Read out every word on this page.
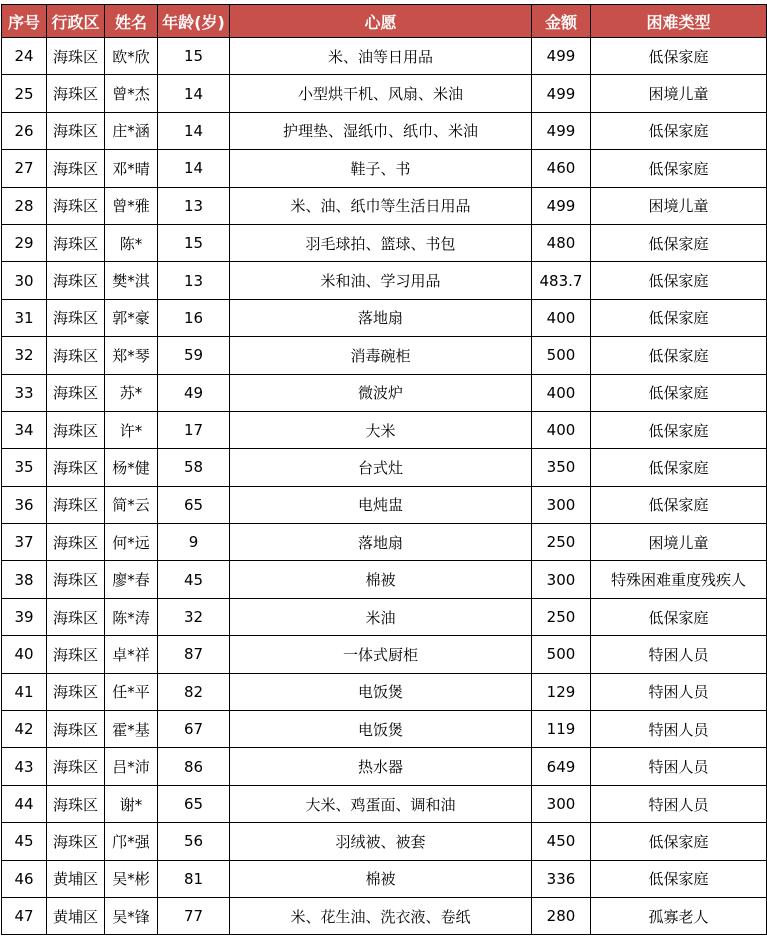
序号	行政区	姓名	年龄(岁)	心愿	金额	困难类型
24	海珠区	欧*欣	15	米、油等日用品	499	低保家庭
25	海珠区	曾*杰	14	小型烘干机、风扇、米油	499	困境儿童
26	海珠区	庄*涵	14	护理垫、湿纸巾、纸巾、米油	499	低保家庭
27	海珠区	邓*晴	14	鞋子、书	460	低保家庭
28	海珠区	曾*雅	13	米、油、纸巾等生活日用品	499	困境儿童
29	海珠区	陈*	15	羽毛球拍、篮球、书包	480	低保家庭
30	海珠区	樊*淇	13	米和油、学习用品	483.7	低保家庭
31	海珠区	郭*豪	16	落地扇	400	低保家庭
32	海珠区	郑*琴	59	消毒碗柜	500	低保家庭
33	海珠区	苏*	49	微波炉	400	低保家庭
34	海珠区	许*	17	大米	400	低保家庭
35	海珠区	杨*健	58	台式灶	350	低保家庭
36	海珠区	简*云	65	电炖盅	300	低保家庭
37	海珠区	何*远	9	落地扇	250	困境儿童
38	海珠区	廖*春	45	棉被	300	特殊困难重度残疾人
39	海珠区	陈*涛	32	米油	250	低保家庭
40	海珠区	卓*祥	87	一体式厨柜	500	特困人员
41	海珠区	任*平	82	电饭煲	129	特困人员
42	海珠区	霍*基	67	电饭煲	119	特困人员
43	海珠区	吕*沛	86	热水器	649	特困人员
44	海珠区	谢*	65	大米、鸡蛋面、调和油	300	特困人员
45	海珠区	邝*强	56	羽绒被、被套	450	低保家庭
46	黄埔区	吴*彬	81	棉被	336	低保家庭
47	黄埔区	吴*锋	77	米、花生油、洗衣液、卷纸	280	孤寡老人
